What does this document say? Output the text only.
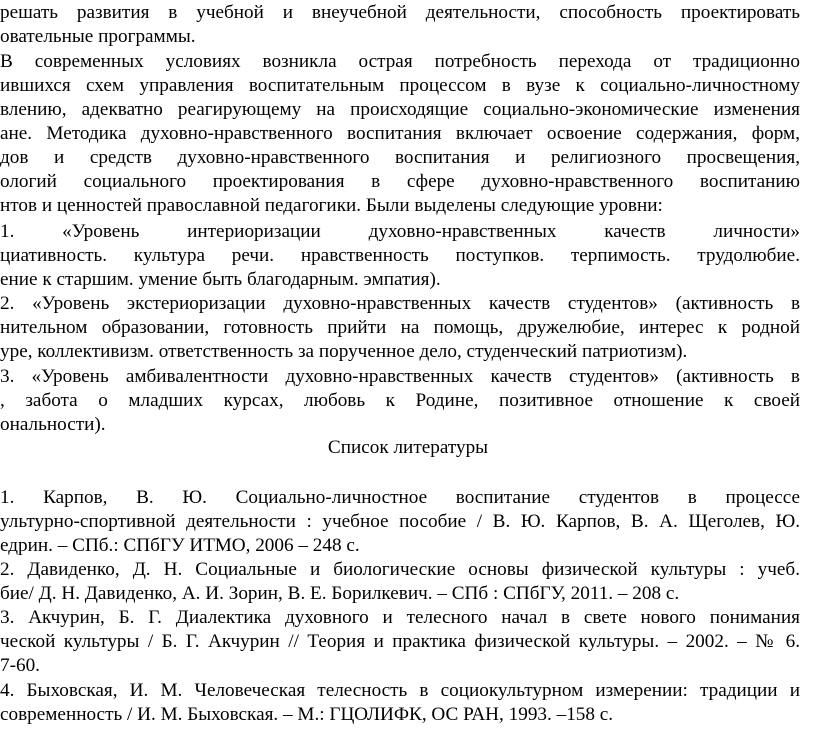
решать развития в учебной и внеучебной деятельности, способность проектировать
овательные программы.
В современных условиях возникла острая потребность перехода от традиционно
ившихся схем управления воспитательным процессом в вузе к социально-личностному
влению, адекватно реагирующему на происходящие социально-экономические изменения
ане. Методика духовно-нравственного воспитания включает освоение содержания, форм,
дов и средств духовно-нравственного воспитания и религиозного просвещения,
ологий социального проектирования в сфере духовно-нравственного воспитанию
нтов и ценностей православной педагогики. Были выделены следующие уровни:
1. «Уровень интериоризации духовно-нравственных качеств личности»
циативность. культура речи. нравственность поступков. терпимость. трудолюбие.
ение к старшим. умение быть благодарным. эмпатия).
2. «Уровень экстериоризации духовно-нравственных качеств студентов» (активность в
нительном образовании, готовность прийти на помощь, дружелюбие, интерес к родной
уре, коллективизм. ответственность за порученное дело, студенческий патриотизм).
3. «Уровень амбивалентности духовно-нравственных качеств студентов» (активность в
, забота о младших курсах, любовь к Родине, позитивное отношение к своей
ональности).
Список литературы
1. Карпов, В. Ю. Социально-личностное воспитание студентов в процессе
ультурно-спортивной деятельности : учебное пособие / В. Ю. Карпов, В. А. Щеголев, Ю.
едрин. – СПб.: СПбГУ ИТМО, 2006 – 248 с.
2. Давиденко, Д. Н. Социальные и биологические основы физической культуры : учеб.
бие/ Д. Н. Давиденко, А. И. Зорин, В. Е. Борилкевич. – СПб : СПбГУ, 2011. – 208 с.
3. Акчурин, Б. Г. Диалектика духовного и телесного начал в свете нового понимания
ческой культуры / Б. Г. Акчурин // Теория и практика физической культуры. – 2002. – № 6.
7-60.
4. Быховская, И. М. Человеческая телесность в социокультурном измерении: традиции и
современность / И. М. Быховская. – М.: ГЦОЛИФК, ОС РАН, 1993. –158 с.
